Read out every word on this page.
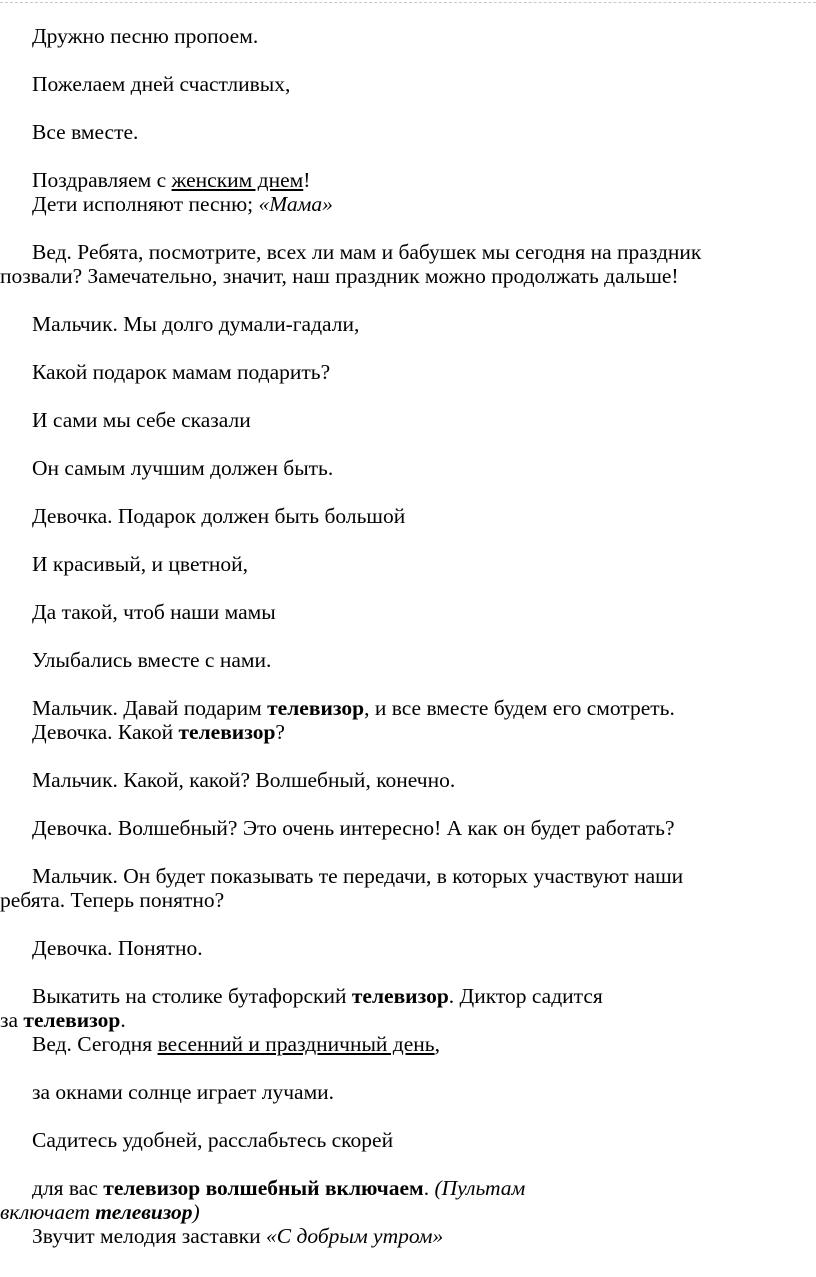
Дружно песню пропоем.

Пожелаем дней счастливых,

Все вместе.

Поздравляем с женским днем!

Дети исполняют песню; «Мама»

Вед. Ребята, посмотрите, всех ли мам и бабушек мы сегодня на праздник
позвали? Замечательно, значит, наш праздник можно продолжать дальше!

Мальчик. Мы долго думали-гадали,

Какой подарок мамам подарить?

И сами мы себе сказали

Он самым лучшим должен быть.

Девочка. Подарок должен быть большой

И красивый, и цветной,

Да такой, чтоб наши мамы

Улыбались вместе с нами.

Мальчик. Давай подарим телевизор, и все вместе будем его смотреть.

Девочка. Какой телевизор?

Мальчик. Какой, какой? Волшебный, конечно.

Девочка. Волшебный? Это очень интересно! А как он будет работать?

Мальчик. Он будет показывать те передачи, в которых участвуют наши
ребята. Теперь понятно?

Девочка. Понятно.

Выкатить на столике бутафорский телевизор. Диктор садится
за телевизор.

Вед. Сегодня весенний и праздничный день,

за окнами солнце играет лучами.

Садитесь удобней, расслабьтесь скорей

для вас телевизор волшебный включаем. (Пультам
включает телевизор)

Звучит мелодия заставки «С добрым утром»
